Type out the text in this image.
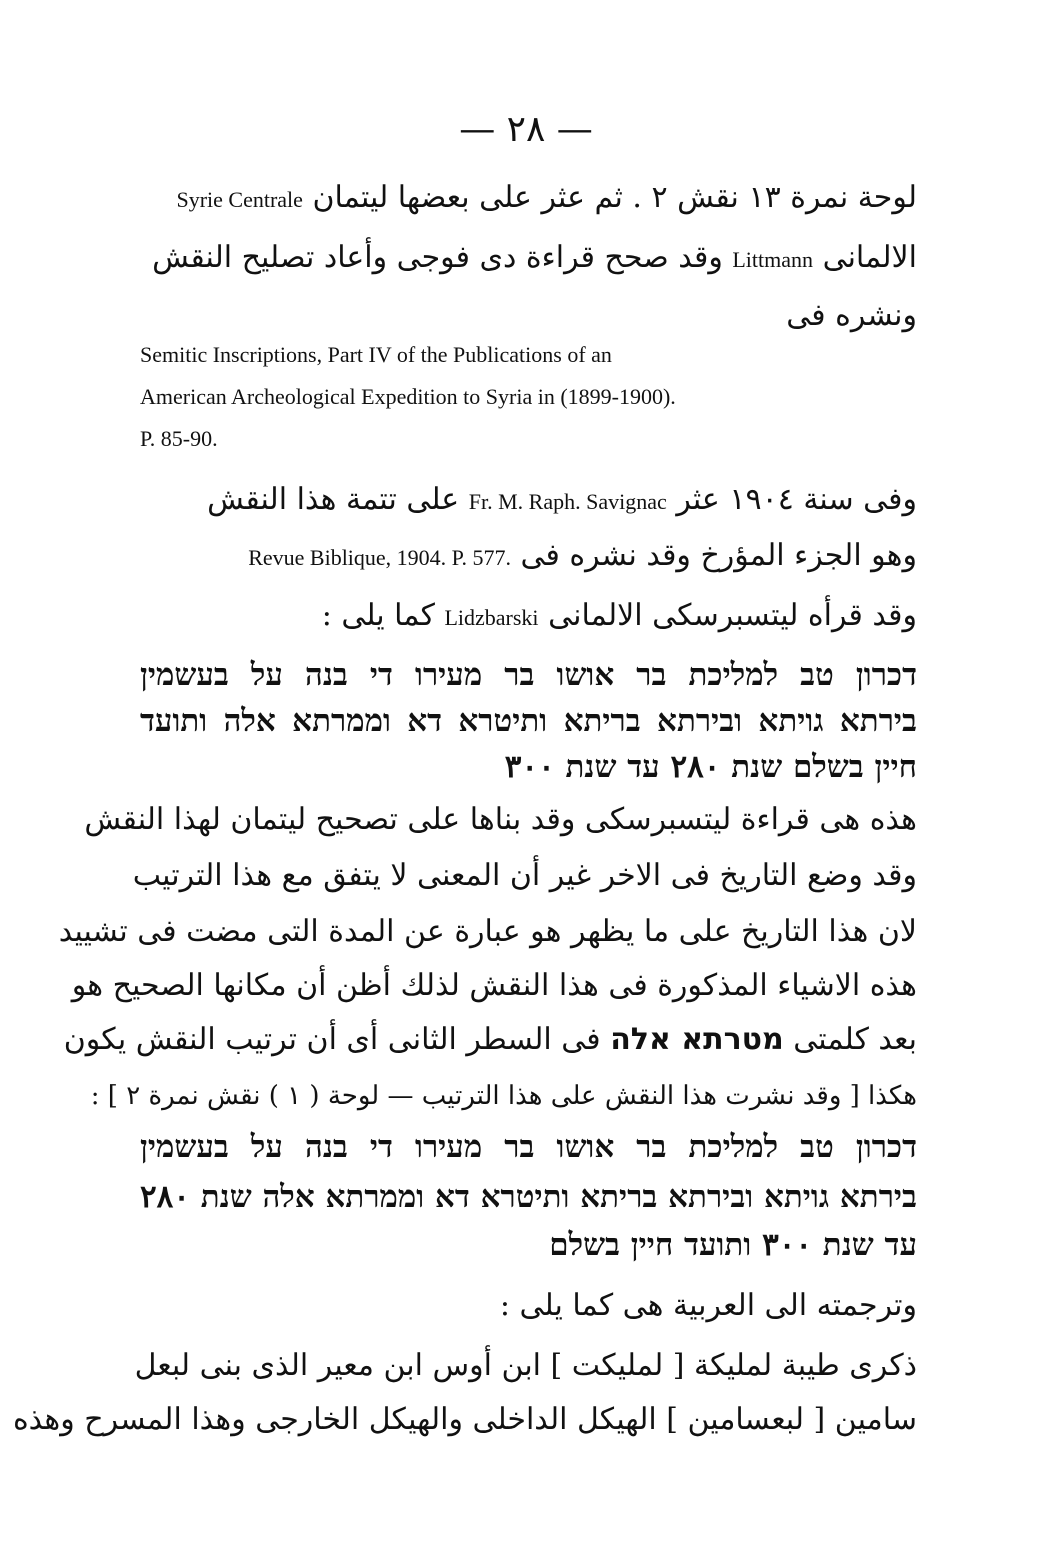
— ٢٨ —
لوحة نمرة ١٣ نقش ٢ . ثم عثر على بعضها ليتمان Syrie Centrale
الالمانى Littmann وقد صحح قراءة دى فوجى وأعاد تصليح النقش
ونشره فى
Semitic Inscriptions, Part IV of the Publications of an
American Archeological Expedition to Syria in (1899-1900).
P. 85-90.
وفى سنة ١٩٠٤ عثر Fr. M. Raph. Savignac على تتمة هذا النقش
وهو الجزء المؤرخ وقد نشره فى Revue Biblique, 1904. P. 577.
وقد قرأه ليتسبرسكى الالمانى Lidzbarski كما يلى :
דכרון טב למליכת בר אושו בר מעירו די בנה על בעשמין
בירתא גויתא ובירתא בריתא ותיטרא דא וממרתא אלה ותועד
חיין בשלם שנת ٢٨٠ עד שנת ٣٠٠
هذه هى قراءة ليتسبرسكى وقد بناها على تصحيح ليتمان لهذا النقش
وقد وضع التاريخ فى الاخر غير أن المعنى لا يتفق مع هذا الترتيب
لان هذا التاريخ على ما يظهر هو عبارة عن المدة التى مضت فى تشييد
هذه الاشياء المذكورة فى هذا النقش لذلك أظن أن مكانها الصحيح هو
بعد كلمتى מטרתא אלה فى السطر الثانى أى أن ترتيب النقش يكون
هكذا [ وقد نشرت هذا النقش على هذا الترتيب — لوحة ( ١ ) نقش نمرة ٢ ] :
דכרון טב למליכת בר אושו בר מעירו די בנה על בעשמין
בירתא גויתא ובירתא בריתא ותיטרא דא וממרתא אלה שנת ٢٨٠
עד שנת ٣٠٠ ותועד חיין בשלם
وترجمته الى العربية هى كما يلى :
ذكرى طيبة لمليكة [ لمليكت ] ابن أوس ابن معير الذى بنى لبعل
سامين [ لبعسامين ] الهيكل الداخلى والهيكل الخارجى وهذا المسرح وهذه
